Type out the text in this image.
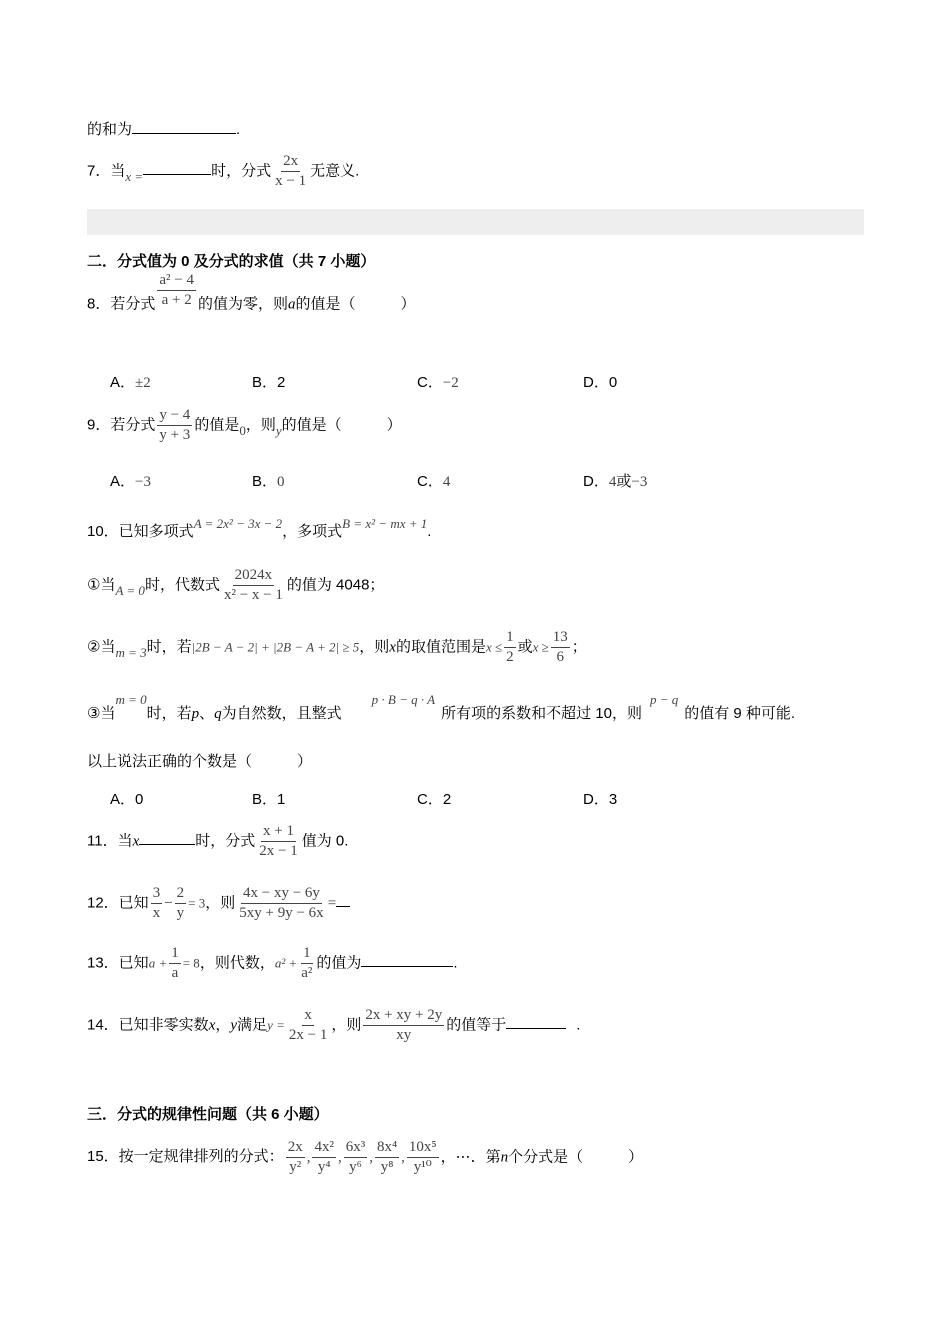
的和为	.
7．当x =	时，分式 $\frac{2x}{x - 1}$ 无意义.
二．分式值为 0 及分式的求值（共 7 小题）
8．若分式 $\frac{\text{a² − 4}}{a + 2}$ 的值为零，则a的值是（　　　）
A．±2	B．2	C．−2	D．0
9．若分式 $\frac{y - 4}{y + 3}$ 的值是0，则y的值是（　　　）
A．−3	B．0	C．4	D．4或−3
10．已知多项式A = 2x² − 3x − 2，多项式B = x² − mx + 1.
①当A = 0时，代数式 $\frac{2024x}{\text{x² − x − 1}}$ 的值为 4048；
②当m = 3时，若|2B − A − 2| + |2B − A + 2| ≥ 5，则x的取值范围是$x \le \frac{1}{2}$ 或$x \ge \frac{13}{6}$ ；
③当m = 0时，若p、q为自然数，且整式p · B − q · A所有项的系数和不超过 10，则p − q的值有 9 种可能.
以上说法正确的个数是（　　　）
A．0	B．1	C．2	D．3
11．当x	时，分式 $\frac{x + 1}{2x - 1}$ 值为 0.
12．已知 $\frac{3}{x} - \frac{2}{y} = 3$，则 $\frac{4x - xy - 6y}{5xy + 9y - 6x}$ =
13．已知$a + \frac{1}{a} = 8$，则代数，$a^2 + \frac{1}{\text{a²}}$ 的值为	.
14．已知非零实数x，y满足$y = \frac{x}{2x - 1}$ ，则 $\frac{2x + xy + 2y}{xy}$ 的值等于	.
三．分式的规律性问题（共 6 小题）
15．按一定规律排列的分式： $\frac{2x}{\text{y²}}$ , $\frac{\text{4x²}}{\text{y⁴}}$ , $\frac{\text{6x³}}{\text{y⁶}}$ , $\frac{\text{8x⁴}}{\text{y⁸}}$ , $\frac{\text{10x⁵}}{\text{y¹⁰}}$ ，⋯．第n个分式是（　　　）
